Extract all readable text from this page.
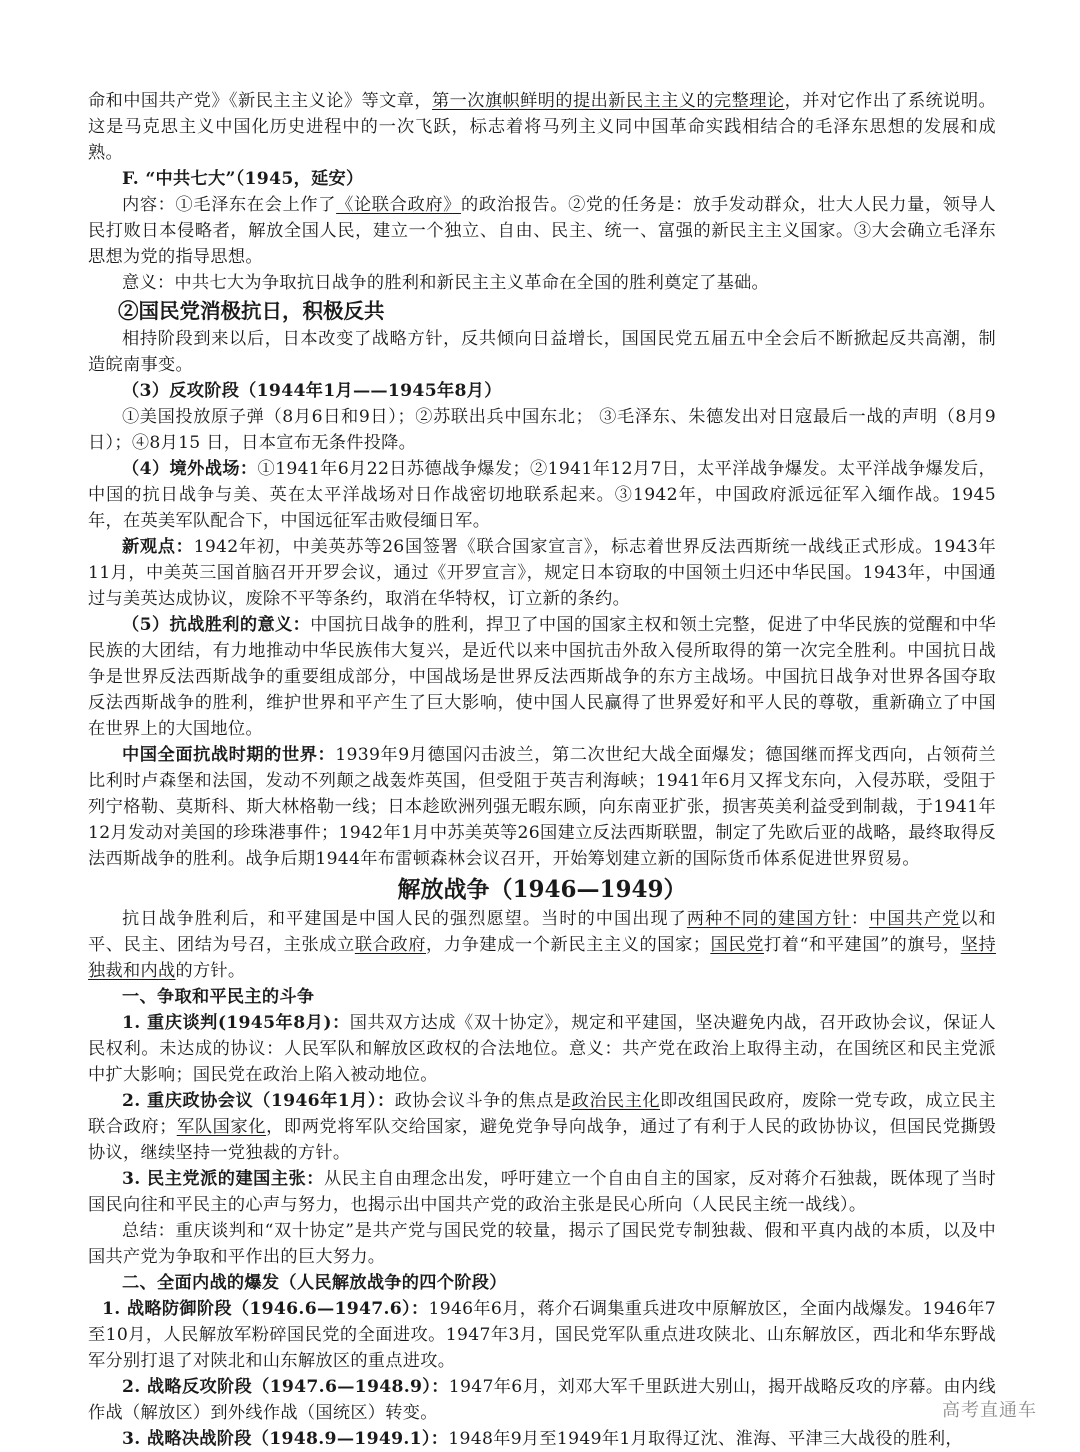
命和中国共产党》《新民主主义论》等文章，第一次旗帜鲜明的提出新民主主义的完整理论，并对它作出了系统说明。这是马克思主义中国化历史进程中的一次飞跃，标志着将马列主义同中国革命实践相结合的毛泽东思想的发展和成熟。

F. “中共七大”（1945，延安）

内容：①毛泽东在会上作了《论联合政府》的政治报告。②党的任务是：放手发动群众，壮大人民力量，领导人民打败日本侵略者，解放全国人民，建立一个独立、自由、民主、统一、富强的新民主主义国家。③大会确立毛泽东思想为党的指导思想。

意义：中共七大为争取抗日战争的胜利和新民主主义革命在全国的胜利奠定了基础。

②国民党消极抗日，积极反共

相持阶段到来以后，日本改变了战略方针，反共倾向日益增长，国国民党五届五中全会后不断掀起反共高潮，制造皖南事变。

（3）反攻阶段（1944年1月——1945年8月）

①美国投放原子弹（8月6日和9日）；②苏联出兵中国东北； ③毛泽东、朱德发出对日寇最后一战的声明（8月9日）；④8月15 日，日本宣布无条件投降。

（4）境外战场：①1941年6月22日苏德战争爆发；②1941年12月7日，太平洋战争爆发。太平洋战争爆发后，中国的抗日战争与美、英在太平洋战场对日作战密切地联系起来。③1942年，中国政府派远征军入缅作战。1945年，在英美军队配合下，中国远征军击败侵缅日军。

新观点：1942年初，中美英苏等26国签署《联合国家宣言》，标志着世界反法西斯统一战线正式形成。1943年11月，中美英三国首脑召开开罗会议，通过《开罗宣言》，规定日本窃取的中国领土归还中华民国。1943年，中国通过与美英达成协议，废除不平等条约，取消在华特权，订立新的条约。

（5）抗战胜利的意义：中国抗日战争的胜利，捍卫了中国的国家主权和领土完整，促进了中华民族的觉醒和中华民族的大团结，有力地推动中华民族伟大复兴，是近代以来中国抗击外敌入侵所取得的第一次完全胜利。中国抗日战争是世界反法西斯战争的重要组成部分，中国战场是世界反法西斯战争的东方主战场。中国抗日战争对世界各国夺取反法西斯战争的胜利，维护世界和平产生了巨大影响，使中国人民赢得了世界爱好和平人民的尊敬，重新确立了中国在世界上的大国地位。

中国全面抗战时期的世界：1939年9月德国闪击波兰，第二次世纪大战全面爆发；德国继而挥戈西向，占领荷兰比利时卢森堡和法国，发动不列颠之战轰炸英国，但受阻于英吉利海峡；1941年6月又挥戈东向，入侵苏联，受阻于列宁格勒、莫斯科、斯大林格勒一线；日本趁欧洲列强无暇东顾，向东南亚扩张，损害英美利益受到制裁，于1941年12月发动对美国的珍珠港事件；1942年1月中苏美英等26国建立反法西斯联盟，制定了先欧后亚的战略，最终取得反法西斯战争的胜利。战争后期1944年布雷顿森林会议召开，开始筹划建立新的国际货币体系促进世界贸易。

解放战争（1946—1949）

抗日战争胜利后，和平建国是中国人民的强烈愿望。当时的中国出现了两种不同的建国方针：中国共产党以和平、民主、团结为号召，主张成立联合政府，力争建成一个新民主主义的国家；国民党打着“和平建国”的旗号，坚持独裁和内战的方针。

一、争取和平民主的斗争

1. 重庆谈判(1945年8月)：国共双方达成《双十协定》，规定和平建国，坚决避免内战，召开政协会议，保证人民权利。未达成的协议：人民军队和解放区政权的合法地位。意义：共产党在政治上取得主动，在国统区和民主党派中扩大影响；国民党在政治上陷入被动地位。

2. 重庆政协会议（1946年1月）：政协会议斗争的焦点是政治民主化即改组国民政府，废除一党专政，成立民主联合政府；军队国家化，即两党将军队交给国家，避免党争导向战争，通过了有利于人民的政协协议，但国民党撕毁协议，继续坚持一党独裁的方针。

3. 民主党派的建国主张：从民主自由理念出发，呼吁建立一个自由自主的国家，反对蒋介石独裁，既体现了当时国民向往和平民主的心声与努力，也揭示出中国共产党的政治主张是民心所向（人民民主统一战线）。

总结：重庆谈判和“双十协定”是共产党与国民党的较量，揭示了国民党专制独裁、假和平真内战的本质，以及中国共产党为争取和平作出的巨大努力。

二、全面内战的爆发（人民解放战争的四个阶段）

1. 战略防御阶段（1946.6—1947.6）：1946年6月，蒋介石调集重兵进攻中原解放区，全面内战爆发。1946年7至10月，人民解放军粉碎国民党的全面进攻。1947年3月，国民党军队重点进攻陕北、山东解放区，西北和华东野战军分别打退了对陕北和山东解放区的重点进攻。

2. 战略反攻阶段（1947.6—1948.9）：1947年6月，刘邓大军千里跃进大别山，揭开战略反攻的序幕。由内线作战（解放区）到外线作战（国统区）转变。

3. 战略决战阶段（1948.9—1949.1）：1948年9月至1949年1月取得辽沈、淮海、平津三大战役的胜利，

高考直通车
